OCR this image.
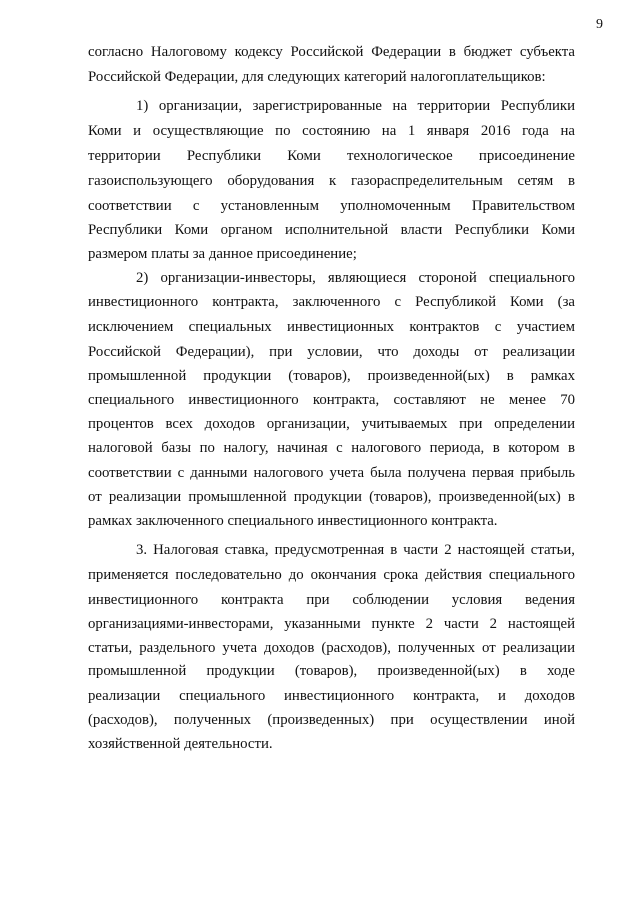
9
согласно Налоговому кодексу Российской Федерации в бюджет субъекта
Российской Федерации, для следующих категорий налогоплательщиков:
1) организации, зарегистрированные на территории Республики
Коми и осуществляющие по состоянию на 1 января 2016 года на
территории Республики Коми технологическое присоединение
газоиспользующего оборудования к газораспределительным сетям в
соответствии с установленным уполномоченным Правительством
Республики Коми органом исполнительной власти Республики Коми
размером платы за данное присоединение;
2) организации-инвесторы, являющиеся стороной специального
инвестиционного контракта, заключенного с Республикой Коми (за
исключением специальных инвестиционных контрактов с участием
Российской Федерации), при условии, что доходы от реализации
промышленной продукции (товаров), произведенной(ых) в рамках
специального инвестиционного контракта, составляют не менее 70
процентов всех доходов организации, учитываемых при определении
налоговой базы по налогу, начиная с налогового периода, в котором в
соответствии с данными налогового учета была получена первая прибыль
от реализации промышленной продукции (товаров), произведенной(ых) в
рамках заключенного специального инвестиционного контракта.
3. Налоговая ставка, предусмотренная в части 2 настоящей статьи,
применяется последовательно до окончания срока действия специального
инвестиционного контракта при соблюдении условия ведения
организациями-инвесторами, указанными пункте 2 части 2 настоящей
статьи, раздельного учета доходов (расходов), полученных от реализации
промышленной продукции (товаров), произведенной(ых) в ходе
реализации специального инвестиционного контракта, и доходов
(расходов), полученных (произведенных) при осуществлении иной
хозяйственной деятельности.
